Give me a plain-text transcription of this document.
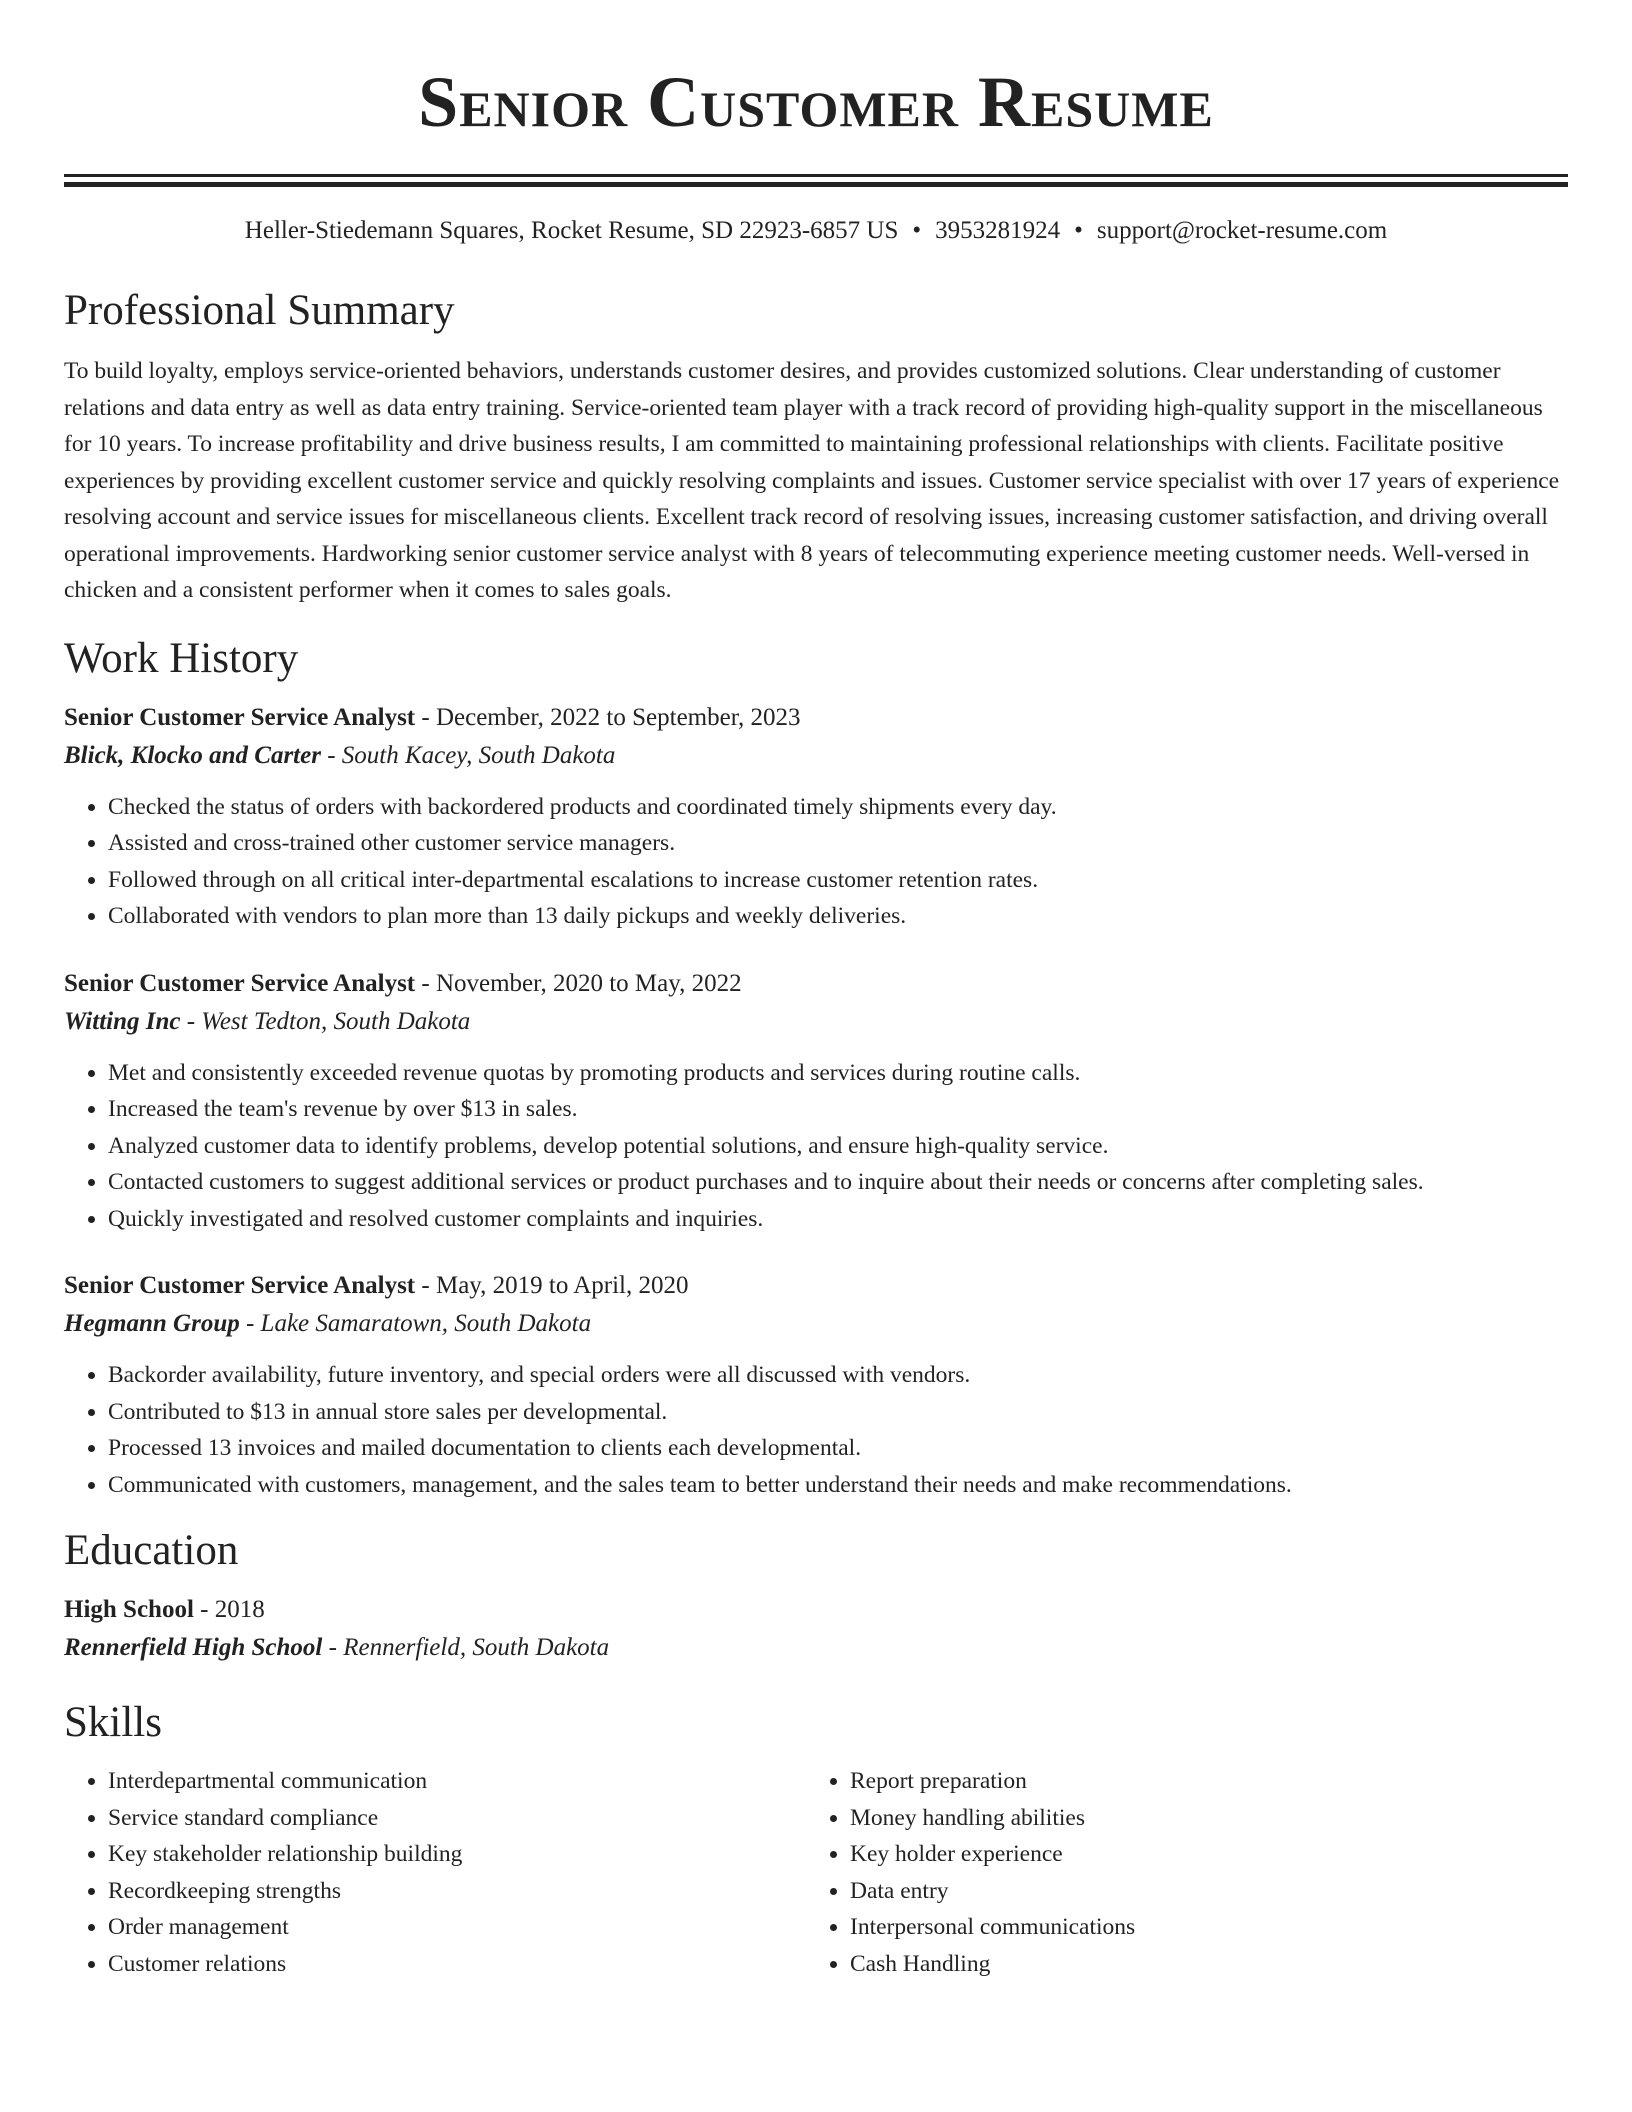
Senior Customer Resume
Heller-Stiedemann Squares, Rocket Resume, SD 22923-6857 US • 3953281924 • support@rocket-resume.com
Professional Summary

To build loyalty, employs service-oriented behaviors, understands customer desires, and provides customized solutions. Clear understanding of customer relations and data entry as well as data entry training. Service-oriented team player with a track record of providing high-quality support in the miscellaneous for 10 years. To increase profitability and drive business results, I am committed to maintaining professional relationships with clients. Facilitate positive experiences by providing excellent customer service and quickly resolving complaints and issues. Customer service specialist with over 17 years of experience resolving account and service issues for miscellaneous clients. Excellent track record of resolving issues, increasing customer satisfaction, and driving overall operational improvements. Hardworking senior customer service analyst with 8 years of telecommuting experience meeting customer needs. Well-versed in chicken and a consistent performer when it comes to sales goals.

Work History
Senior Customer Service Analyst - December, 2022 to September, 2023
Blick, Klocko and Carter - South Kacey, South Dakota
• Checked the status of orders with backordered products and coordinated timely shipments every day.
• Assisted and cross-trained other customer service managers.
• Followed through on all critical inter-departmental escalations to increase customer retention rates.
• Collaborated with vendors to plan more than 13 daily pickups and weekly deliveries.
Senior Customer Service Analyst - November, 2020 to May, 2022
Witting Inc - West Tedton, South Dakota
• Met and consistently exceeded revenue quotas by promoting products and services during routine calls.
• Increased the team's revenue by over $13 in sales.
• Analyzed customer data to identify problems, develop potential solutions, and ensure high-quality service.
• Contacted customers to suggest additional services or product purchases and to inquire about their needs or concerns after completing sales.
• Quickly investigated and resolved customer complaints and inquiries.
Senior Customer Service Analyst - May, 2019 to April, 2020
Hegmann Group - Lake Samaratown, South Dakota
• Backorder availability, future inventory, and special orders were all discussed with vendors.
• Contributed to $13 in annual store sales per developmental.
• Processed 13 invoices and mailed documentation to clients each developmental.
• Communicated with customers, management, and the sales team to better understand their needs and make recommendations.
Education
High School - 2018
Rennerfield High School - Rennerfield, South Dakota
Skills
• Interdepartmental communication
• Service standard compliance
• Key stakeholder relationship building
• Recordkeeping strengths
• Order management
• Customer relations
• Report preparation
• Money handling abilities
• Key holder experience
• Data entry
• Interpersonal communications
• Cash Handling
